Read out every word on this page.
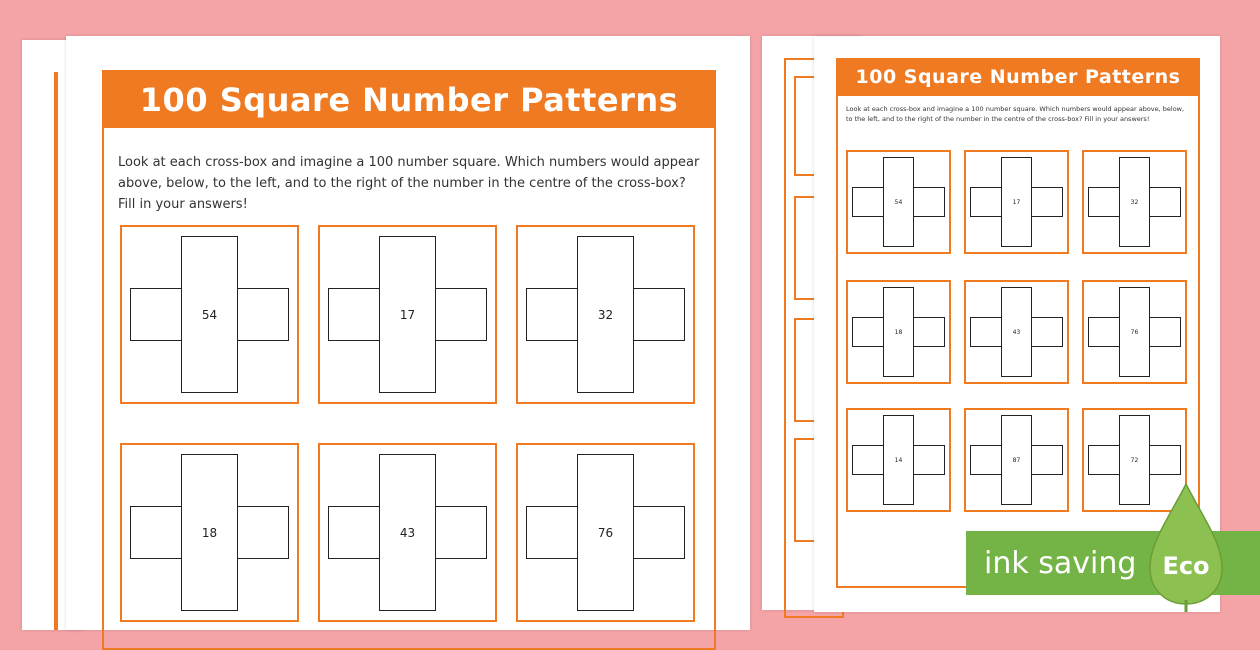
100 Square Number Patterns
Look at each cross-box and imagine a 100 number square. Which numbers would appear above, below, to the left, and to the right of the number in the centre of the cross-box? Fill in your answers!
54	17	32
18	43	76
100 Square Number Patterns
Look at each cross-box and imagine a 100 number square. Which numbers would appear above, below, to the left, and to the right of the number in the centre of the cross-box? Fill in your answers!
54	17	32
18	43	76
14	87	72
ink saving Eco
